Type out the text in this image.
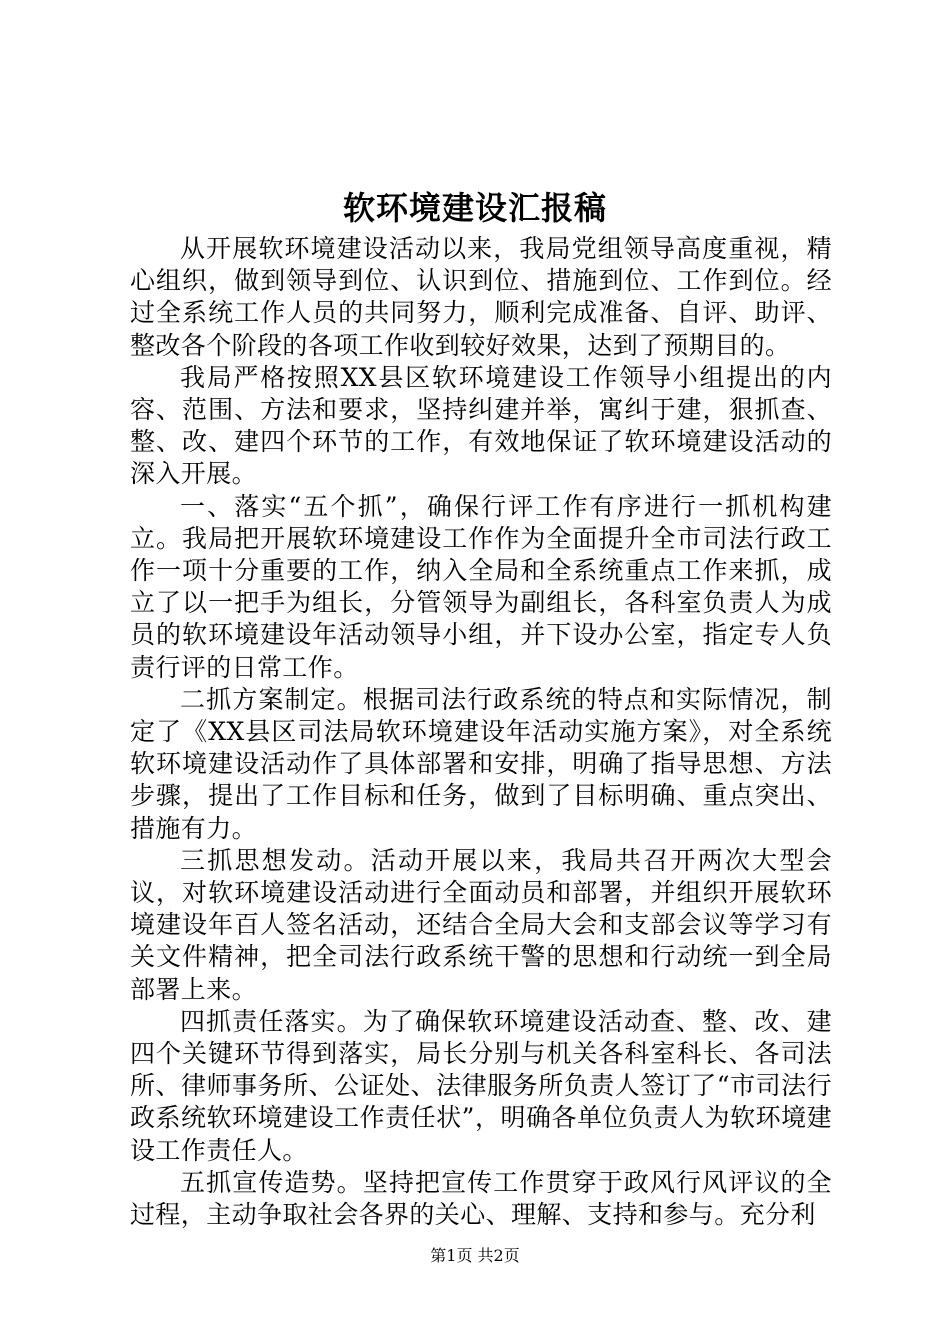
软环境建设汇报稿

从开展软环境建设活动以来，我局党组领导高度重视，精心组织，做到领导到位、认识到位、措施到位、工作到位。经过全系统工作人员的共同努力，顺利完成准备、自评、助评、整改各个阶段的各项工作收到较好效果，达到了预期目的。

我局严格按照XX县区软环境建设工作领导小组提出的内容、范围、方法和要求，坚持纠建并举，寓纠于建，狠抓查、整、改、建四个环节的工作，有效地保证了软环境建设活动的深入开展。

一、落实“五个抓”，确保行评工作有序进行一抓机构建立。我局把开展软环境建设工作作为全面提升全市司法行政工作一项十分重要的工作，纳入全局和全系统重点工作来抓，成立了以一把手为组长，分管领导为副组长，各科室负责人为成员的软环境建设年活动领导小组，并下设办公室，指定专人负责行评的日常工作。

二抓方案制定。根据司法行政系统的特点和实际情况，制定了《XX县区司法局软环境建设年活动实施方案》，对全系统软环境建设活动作了具体部署和安排，明确了指导思想、方法步骤，提出了工作目标和任务，做到了目标明确、重点突出、措施有力。

三抓思想发动。活动开展以来，我局共召开两次大型会议，对软环境建设活动进行全面动员和部署，并组织开展软环境建设年百人签名活动，还结合全局大会和支部会议等学习有关文件精神，把全司法行政系统干警的思想和行动统一到全局部署上来。

四抓责任落实。为了确保软环境建设活动查、整、改、建四个关键环节得到落实，局长分别与机关各科室科长、各司法所、律师事务所、公证处、法律服务所负责人签订了“市司法行政系统软环境建设工作责任状”，明确各单位负责人为软环境建设工作责任人。

五抓宣传造势。坚持把宣传工作贯穿于政风行风评议的全过程，主动争取社会各界的关心、理解、支持和参与。充分利

第1页 共2页
